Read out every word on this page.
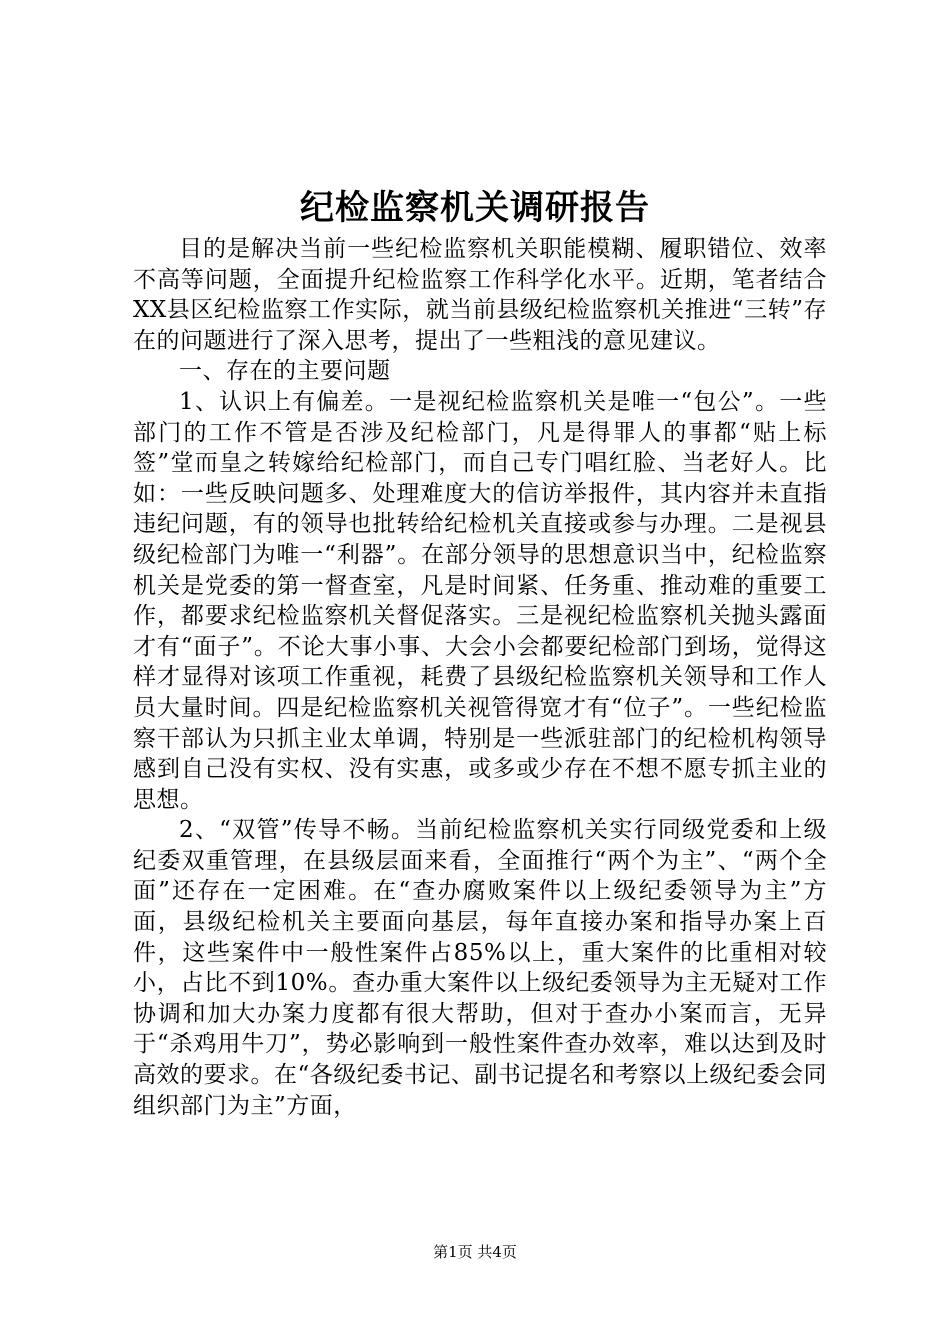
纪检监察机关调研报告

目的是解决当前一些纪检监察机关职能模糊、履职错位、效率不高等问题，全面提升纪检监察工作科学化水平。近期，笔者结合XX县区纪检监察工作实际，就当前县级纪检监察机关推进“三转”存在的问题进行了深入思考，提出了一些粗浅的意见建议。

一、存在的主要问题

1、认识上有偏差。一是视纪检监察机关是唯一“包公”。一些部门的工作不管是否涉及纪检部门，凡是得罪人的事都“贴上标签”堂而皇之转嫁给纪检部门，而自己专门唱红脸、当老好人。比如：一些反映问题多、处理难度大的信访举报件，其内容并未直指违纪问题，有的领导也批转给纪检机关直接或参与办理。二是视县级纪检部门为唯一“利器”。在部分领导的思想意识当中，纪检监察机关是党委的第一督查室，凡是时间紧、任务重、推动难的重要工作，都要求纪检监察机关督促落实。三是视纪检监察机关抛头露面才有“面子”。不论大事小事、大会小会都要纪检部门到场，觉得这样才显得对该项工作重视，耗费了县级纪检监察机关领导和工作人员大量时间。四是纪检监察机关视管得宽才有“位子”。一些纪检监察干部认为只抓主业太单调，特别是一些派驻部门的纪检机构领导感到自己没有实权、没有实惠，或多或少存在不想不愿专抓主业的思想。

2、“双管”传导不畅。当前纪检监察机关实行同级党委和上级纪委双重管理，在县级层面来看，全面推行“两个为主”、“两个全面”还存在一定困难。在“查办腐败案件以上级纪委领导为主”方面，县级纪检机关主要面向基层，每年直接办案和指导办案上百件，这些案件中一般性案件占85%以上，重大案件的比重相对较小，占比不到10%。查办重大案件以上级纪委领导为主无疑对工作协调和加大办案力度都有很大帮助，但对于查办小案而言，无异于“杀鸡用牛刀”，势必影响到一般性案件查办效率，难以达到及时高效的要求。在“各级纪委书记、副书记提名和考察以上级纪委会同组织部门为主”方面，

第1页 共4页
